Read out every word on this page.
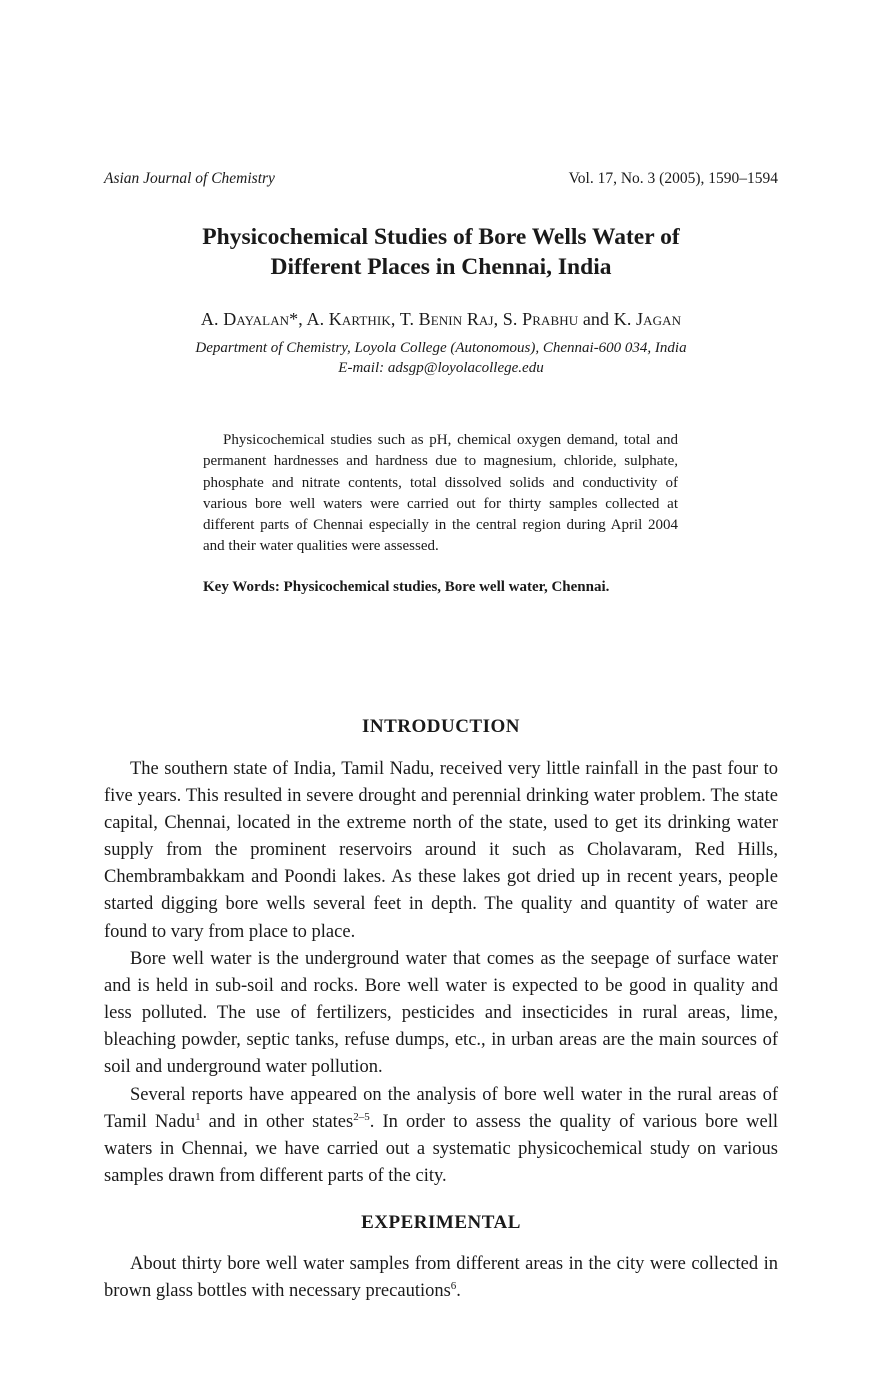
Asian Journal of Chemistry	Vol. 17, No. 3 (2005), 1590–1594
Physicochemical Studies of Bore Wells Water of
Different Places in Chennai, India
A. Dayalan*, A. Karthik, T. Benin Raj, S. Prabhu and K. Jagan
Department of Chemistry, Loyola College (Autonomous), Chennai-600 034, India
E-mail: adsgp@loyolacollege.edu

Physicochemical studies such as pH, chemical oxygen demand, total and permanent hardnesses and hardness due to magnesium, chloride, sulphate, phosphate and nitrate contents, total dissolved solids and conductivity of various bore well waters were carried out for thirty samples collected at different parts of Chennai especially in the central region during April 2004 and their water qualities were assessed.

Key Words: Physicochemical studies, Bore well water, Chennai.

INTRODUCTION

The southern state of India, Tamil Nadu, received very little rainfall in the past four to five years. This resulted in severe drought and perennial drinking water problem. The state capital, Chennai, located in the extreme north of the state, used to get its drinking water supply from the prominent reservoirs around it such as Cholavaram, Red Hills, Chembrambakkam and Poondi lakes. As these lakes got dried up in recent years, people started digging bore wells several feet in depth. The quality and quantity of water are found to vary from place to place.

Bore well water is the underground water that comes as the seepage of surface water and is held in sub-soil and rocks. Bore well water is expected to be good in quality and less polluted. The use of fertilizers, pesticides and insecticides in rural areas, lime, bleaching powder, septic tanks, refuse dumps, etc., in urban areas are the main sources of soil and underground water pollution.

Several reports have appeared on the analysis of bore well water in the rural areas of Tamil Nadu$^1$ and in other states$^{2-5}$. In order to assess the quality of various bore well waters in Chennai, we have carried out a systematic physicochemical study on various samples drawn from different parts of the city.

EXPERIMENTAL

About thirty bore well water samples from different areas in the city were collected in brown glass bottles with necessary precautions$^6$.
